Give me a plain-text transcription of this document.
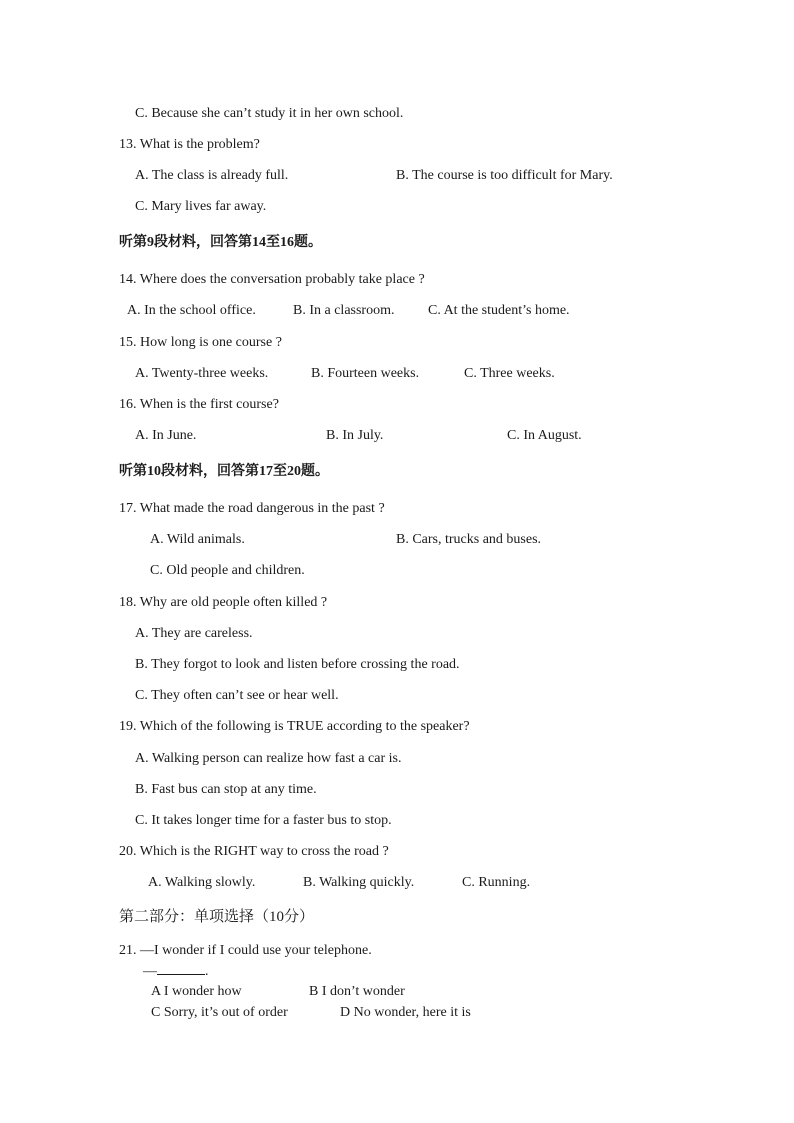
C. Because she can’t study it in her own school.
13. What is the problem?
A. The class is already full.	B. The course is too difficult for Mary.
C. Mary lives far away.
听第9段材料，回答第14至16题。
14. Where does the conversation probably take place ?
A. In the school office.	B. In a classroom. C. At the student’s home.
15. How long is one course ?
A. Twenty-three weeks.	B. Fourteen weeks.	C. Three weeks.
16. When is the first course?
A. In June.	B. In July.	C. In August.
听第10段材料，回答第17至20题。
17. What made the road dangerous in the past ?
A. Wild animals.	B. Cars, trucks and buses.
C. Old people and children.
18. Why are old people often killed ?
A. They are careless.
B. They forgot to look and listen before crossing the road.
C. They often can’t see or hear well.
19. Which of the following is TRUE according to the speaker?
A. Walking person can realize how fast a car is.
B. Fast bus can stop at any time.
C. It takes longer time for a faster bus to stop.
20. Which is the RIGHT way to cross the road ?
A. Walking slowly.	B. Walking quickly.	C. Running.
第二部分：单项选择（10分）
21. —I wonder if I could use your telephone.
—	.
A I wonder how	B I don’t wonder
C Sorry, it’s out of order	D No wonder, here it is
